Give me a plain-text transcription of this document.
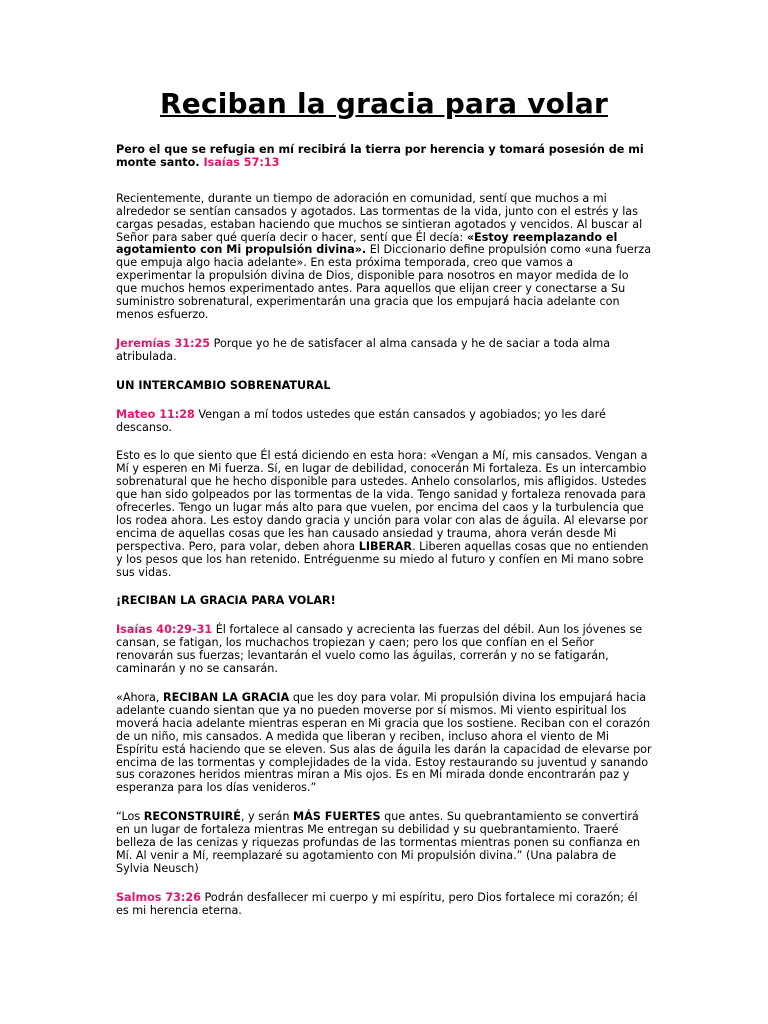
Reciban la gracia para volar

Pero el que se refugia en mí recibirá la tierra por herencia y tomará posesión de mi monte santo. Isaías 57:13

Recientemente, durante un tiempo de adoración en comunidad, sentí que muchos a mi alrededor se sentían cansados y agotados. Las tormentas de la vida, junto con el estrés y las cargas pesadas, estaban haciendo que muchos se sintieran agotados y vencidos. Al buscar al Señor para saber qué quería decir o hacer, sentí que Él decía: «Estoy reemplazando el agotamiento con Mi propulsión divina». El Diccionario define propulsión como «una fuerza que empuja algo hacia adelante». En esta próxima temporada, creo que vamos a experimentar la propulsión divina de Dios, disponible para nosotros en mayor medida de lo que muchos hemos experimentado antes. Para aquellos que elijan creer y conectarse a Su suministro sobrenatural, experimentarán una gracia que los empujará hacia adelante con menos esfuerzo.

Jeremías 31:25 Porque yo he de satisfacer al alma cansada y he de saciar a toda alma atribulada.

UN INTERCAMBIO SOBRENATURAL

Mateo 11:28 Vengan a mí todos ustedes que están cansados y agobiados; yo les daré descanso.

Esto es lo que siento que Él está diciendo en esta hora: «Vengan a Mí, mis cansados. Vengan a Mí y esperen en Mi fuerza. Sí, en lugar de debilidad, conocerán Mi fortaleza. Es un intercambio sobrenatural que he hecho disponible para ustedes. Anhelo consolarlos, mis afligidos. Ustedes que han sido golpeados por las tormentas de la vida. Tengo sanidad y fortaleza renovada para ofrecerles. Tengo un lugar más alto para que vuelen, por encima del caos y la turbulencia que los rodea ahora. Les estoy dando gracia y unción para volar con alas de águila. Al elevarse por encima de aquellas cosas que les han causado ansiedad y trauma, ahora verán desde Mi perspectiva. Pero, para volar, deben ahora LIBERAR. Liberen aquellas cosas que no entienden y los pesos que los han retenido. Entréguenme su miedo al futuro y confíen en Mi mano sobre sus vidas.

¡RECIBAN LA GRACIA PARA VOLAR!

Isaías 40:29-31 Él fortalece al cansado y acrecienta las fuerzas del débil. Aun los jóvenes se cansan, se fatigan, los muchachos tropiezan y caen; pero los que confían en el Señor renovarán sus fuerzas; levantarán el vuelo como las águilas, correrán y no se fatigarán, caminarán y no se cansarán.

«Ahora, RECIBAN LA GRACIA que les doy para volar. Mi propulsión divina los empujará hacia adelante cuando sientan que ya no pueden moverse por sí mismos. Mi viento espiritual los moverá hacia adelante mientras esperan en Mi gracia que los sostiene. Reciban con el corazón de un niño, mis cansados. A medida que liberan y reciben, incluso ahora el viento de Mi Espíritu está haciendo que se eleven. Sus alas de águila les darán la capacidad de elevarse por encima de las tormentas y complejidades de la vida. Estoy restaurando su juventud y sanando sus corazones heridos mientras miran a Mis ojos. Es en Mi mirada donde encontrarán paz y esperanza para los días venideros.”

“Los RECONSTRUIRÉ, y serán MÁS FUERTES que antes. Su quebrantamiento se convertirá en un lugar de fortaleza mientras Me entregan su debilidad y su quebrantamiento. Traeré belleza de las cenizas y riquezas profundas de las tormentas mientras ponen su confianza en Mí. Al venir a Mí, reemplazaré su agotamiento con Mi propulsión divina.” (Una palabra de Sylvia Neusch)

Salmos 73:26 Podrán desfallecer mi cuerpo y mi espíritu, pero Dios fortalece mi corazón; él es mi herencia eterna.
